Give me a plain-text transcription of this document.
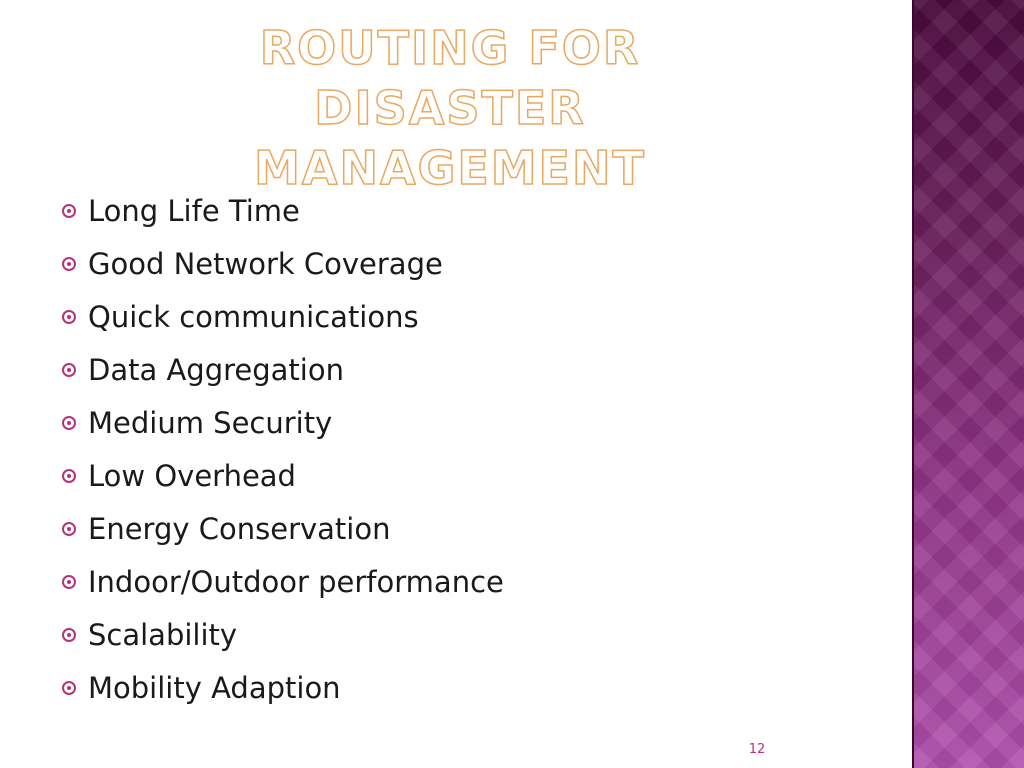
ROUTING FOR DISASTER
MANAGEMENT
Long Life Time
Good Network Coverage
Quick communications
Data Aggregation
Medium Security
Low Overhead
Energy Conservation
Indoor/Outdoor performance
Scalability
Mobility Adaption
12
